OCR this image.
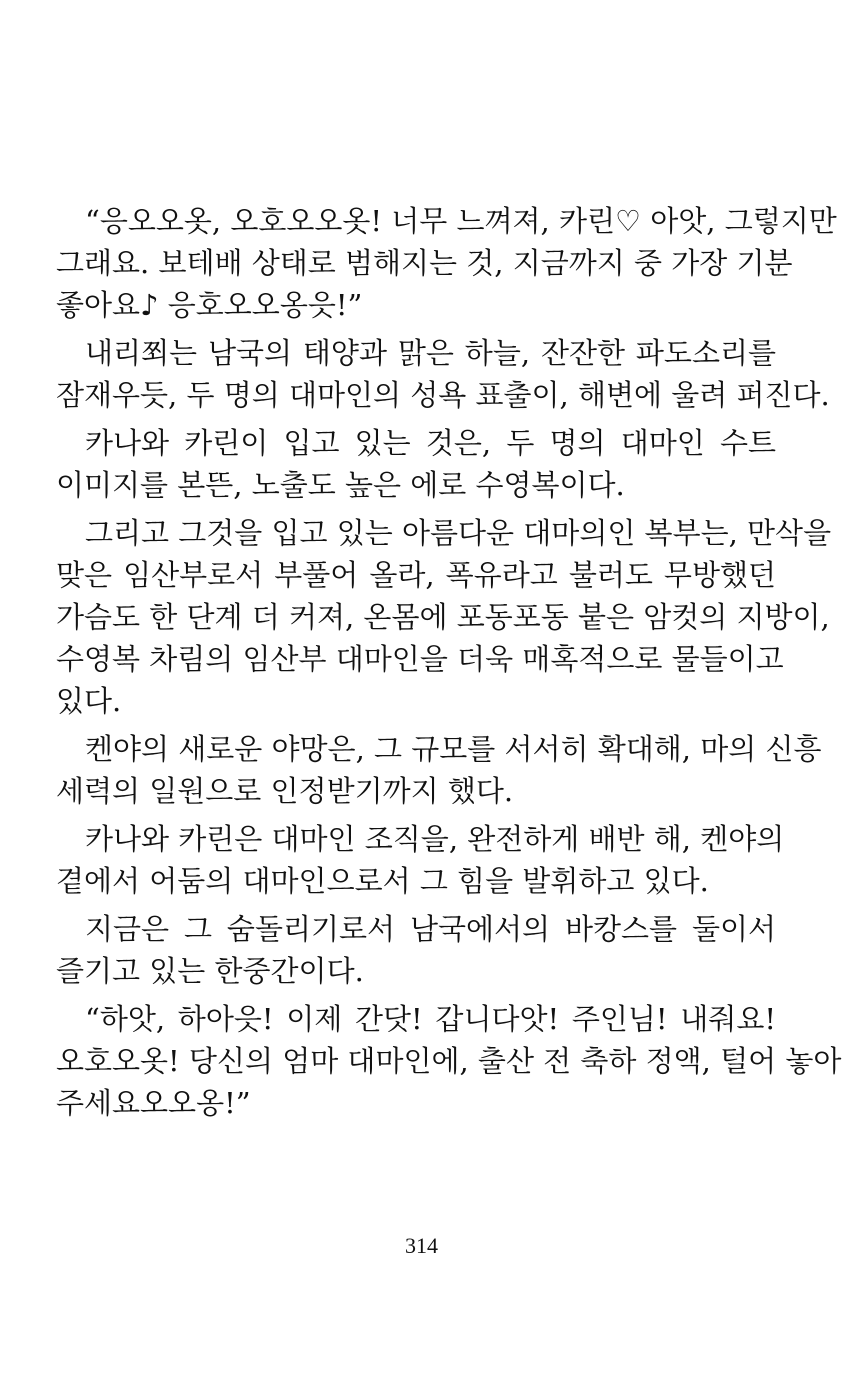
“응오오옷, 오호오오옷! 너무 느껴져, 카린♡ 아앗, 그렇지만
그래요. 보테배 상태로 범해지는 것, 지금까지 중 가장 기분
좋아요♪ 응호오오옹읏!”

내리쬐는 남국의 태양과 맑은 하늘, 잔잔한 파도소리를
잠재우듯, 두 명의 대마인의 성욕 표출이, 해변에 울려 퍼진다.

카나와 카린이 입고 있는 것은, 두 명의 대마인 수트
이미지를 본뜬, 노출도 높은 에로 수영복이다.

그리고 그것을 입고 있는 아름다운 대마의인 복부는, 만삭을
맞은 임산부로서 부풀어 올라, 폭유라고 불러도 무방했던
가슴도 한 단계 더 커져, 온몸에 포동포동 붙은 암컷의 지방이,
수영복 차림의 임산부 대마인을 더욱 매혹적으로 물들이고
있다.

켄야의 새로운 야망은, 그 규모를 서서히 확대해, 마의 신흥
세력의 일원으로 인정받기까지 했다.

카나와 카린은 대마인 조직을, 완전하게 배반 해, 켄야의
곁에서 어둠의 대마인으로서 그 힘을 발휘하고 있다.

지금은 그 숨돌리기로서 남국에서의 바캉스를 둘이서
즐기고 있는 한중간이다.

“하앗, 하아읏! 이제 간닷! 갑니다앗! 주인님! 내줘요!
오호오옷! 당신의 엄마 대마인에, 출산 전 축하 정액, 털어 놓아
주세요오오옹!”

314
